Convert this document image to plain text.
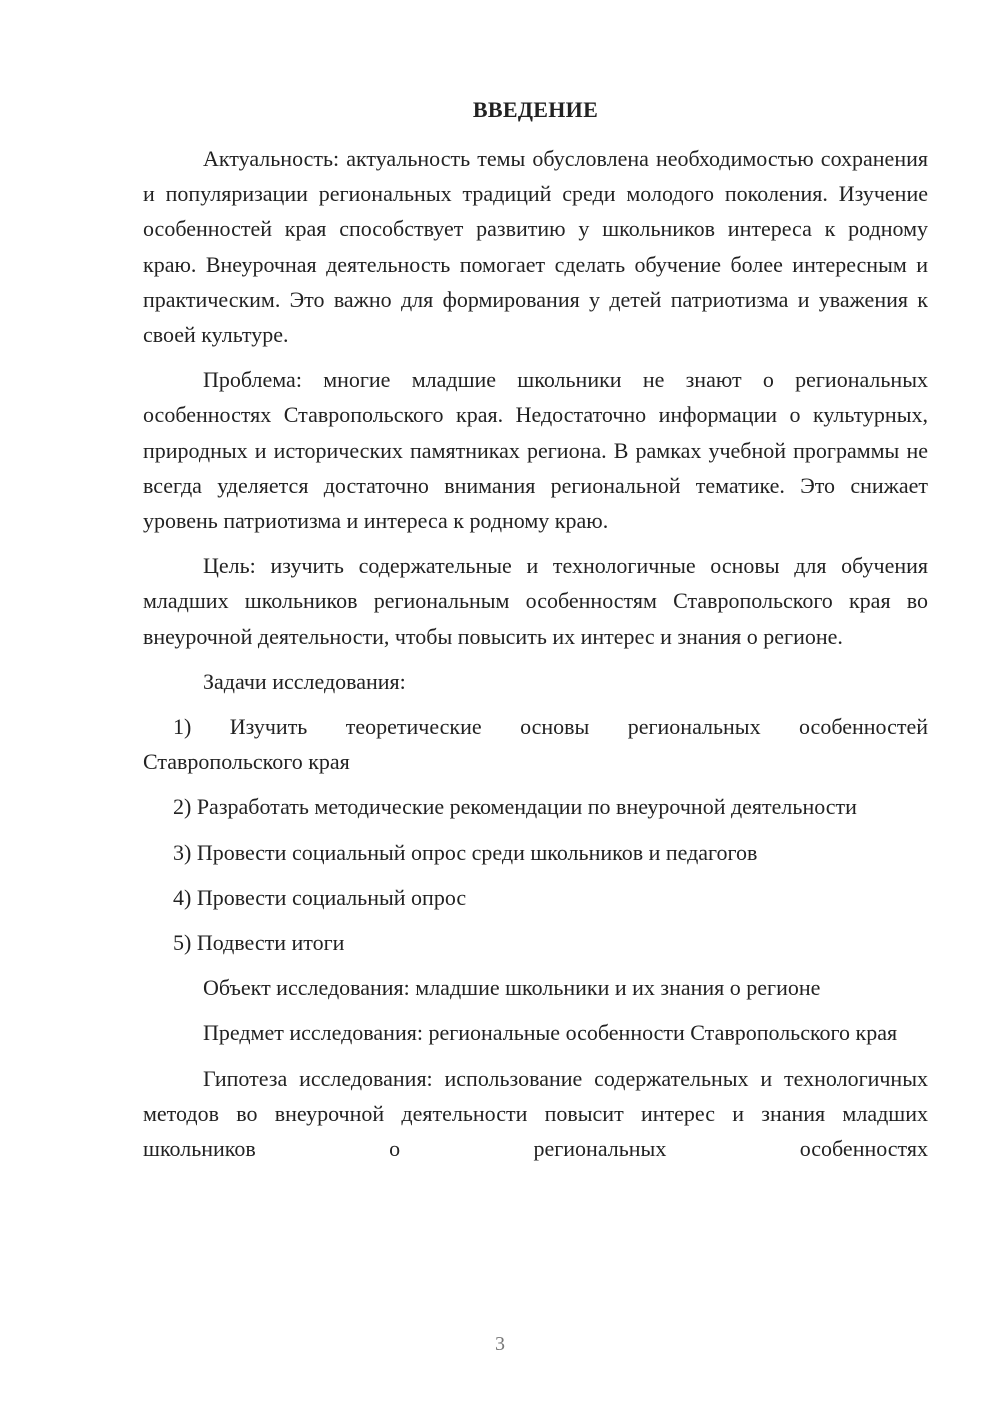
ВВЕДЕНИЕ

Актуальность: актуальность темы обусловлена необходимостью сохранения и популяризации региональных традиций среди молодого поколения. Изучение особенностей края способствует развитию у школьников интереса к родному краю. Внеурочная деятельность помогает сделать обучение более интересным и практическим. Это важно для формирования у детей патриотизма и уважения к своей культуре.

Проблема: многие младшие школьники не знают о региональных особенностях Ставропольского края. Недостаточно информации о культурных, природных и исторических памятниках региона. В рамках учебной программы не всегда уделяется достаточно внимания региональной тематике. Это снижает уровень патриотизма и интереса к родному краю.

Цель: изучить содержательные и технологичные основы для обучения младших школьников региональным особенностям Ставропольского края во внеурочной деятельности, чтобы повысить их интерес и знания о регионе.

Задачи исследования:

1) Изучить теоретические основы региональных особенностей Ставропольского края

2) Разработать методические рекомендации по внеурочной деятельности

3) Провести социальный опрос среди школьников и педагогов

4) Провести социальный опрос

5) Подвести итоги

Объект исследования: младшие школьники и их знания о регионе

Предмет исследования: региональные особенности Ставропольского края

Гипотеза исследования: использование содержательных и технологичных методов во внеурочной деятельности повысит интерес и знания младших школьников о региональных особенностях

3
